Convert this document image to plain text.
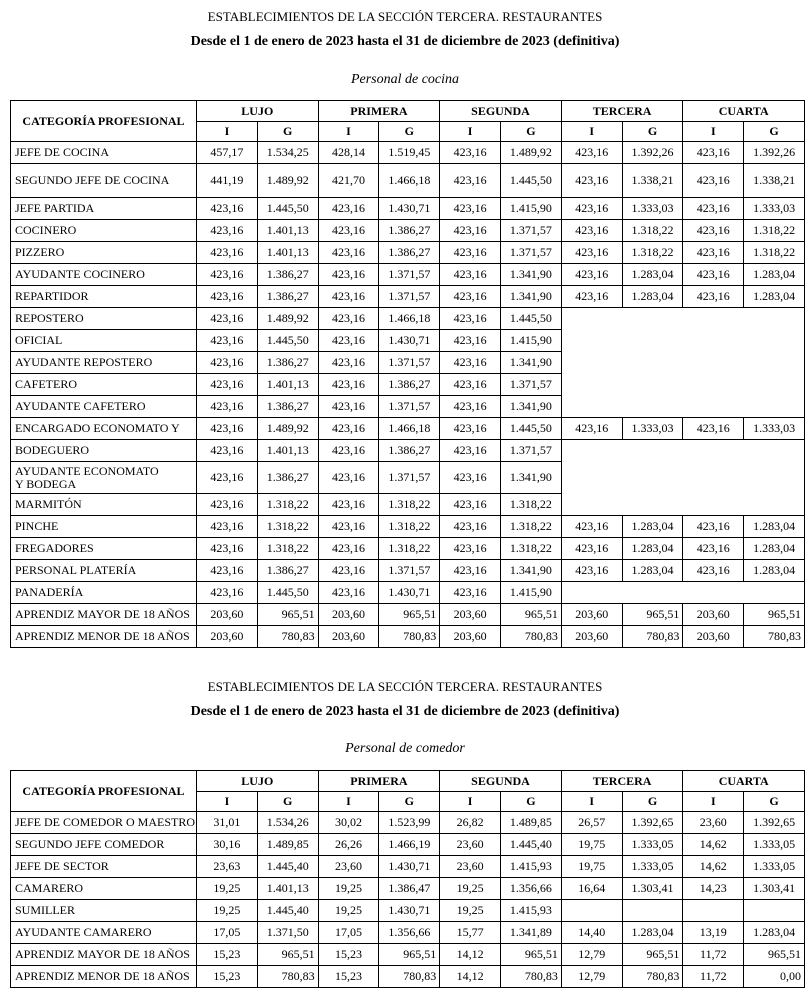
ESTABLECIMIENTOS DE LA SECCIÓN TERCERA. RESTAURANTES
Desde el 1 de enero de 2023 hasta el 31 de diciembre de 2023 (definitiva)
Personal de cocina
CATEGORÍA PROFESIONAL	LUJO		PRIMERA		SEGUNDA		TERCERA		CUARTA	
	I	G	I	G	I	G	I	G	I	G
JEFE DE COCINA	457,17	1.534,25	428,14	1.519,45	423,16	1.489,92	423,16	1.392,26	423,16	1.392,26
SEGUNDO JEFE DE COCINA	441,19	1.489,92	421,70	1.466,18	423,16	1.445,50	423,16	1.338,21	423,16	1.338,21
JEFE PARTIDA	423,16	1.445,50	423,16	1.430,71	423,16	1.415,90	423,16	1.333,03	423,16	1.333,03
COCINERO	423,16	1.401,13	423,16	1.386,27	423,16	1.371,57	423,16	1.318,22	423,16	1.318,22
PIZZERO	423,16	1.401,13	423,16	1.386,27	423,16	1.371,57	423,16	1.318,22	423,16	1.318,22
AYUDANTE COCINERO	423,16	1.386,27	423,16	1.371,57	423,16	1.341,90	423,16	1.283,04	423,16	1.283,04
REPARTIDOR	423,16	1.386,27	423,16	1.371,57	423,16	1.341,90	423,16	1.283,04	423,16	1.283,04
REPOSTERO	423,16	1.489,92	423,16	1.466,18	423,16	1.445,50				
OFICIAL	423,16	1.445,50	423,16	1.430,71	423,16	1.415,90				
AYUDANTE REPOSTERO	423,16	1.386,27	423,16	1.371,57	423,16	1.341,90				
CAFETERO	423,16	1.401,13	423,16	1.386,27	423,16	1.371,57				
AYUDANTE CAFETERO	423,16	1.386,27	423,16	1.371,57	423,16	1.341,90				
ENCARGADO ECONOMATO Y	423,16	1.489,92	423,16	1.466,18	423,16	1.445,50	423,16	1.333,03	423,16	1.333,03
BODEGUERO	423,16	1.401,13	423,16	1.386,27	423,16	1.371,57				

AYUDANTE ECONOMATO
Y BODEGA	423,16	1.386,27	423,16	1.371,57	423,16	1.341,90				
MARMITÓN	423,16	1.318,22	423,16	1.318,22	423,16	1.318,22				
PINCHE	423,16	1.318,22	423,16	1.318,22	423,16	1.318,22	423,16	1.283,04	423,16	1.283,04
FREGADORES	423,16	1.318,22	423,16	1.318,22	423,16	1.318,22	423,16	1.283,04	423,16	1.283,04
PERSONAL PLATERÍA	423,16	1.386,27	423,16	1.371,57	423,16	1.341,90	423,16	1.283,04	423,16	1.283,04
PANADERÍA	423,16	1.445,50	423,16	1.430,71	423,16	1.415,90				
APRENDIZ MAYOR DE 18 AÑOS	203,60	965,51	203,60	965,51	203,60	965,51	203,60	965,51	203,60	965,51
APRENDIZ MENOR DE 18 AÑOS	203,60	780,83	203,60	780,83	203,60	780,83	203,60	780,83	203,60	780,83
ESTABLECIMIENTOS DE LA SECCIÓN TERCERA. RESTAURANTES
Desde el 1 de enero de 2023 hasta el 31 de diciembre de 2023 (definitiva)
Personal de comedor
CATEGORÍA PROFESIONAL	LUJO		PRIMERA		SEGUNDA		TERCERA		CUARTA	
	I	G	I	G	I	G	I	G	I	G
JEFE DE COMEDOR O MAESTRO	31,01	1.534,26	30,02	1.523,99	26,82	1.489,85	26,57	1.392,65	23,60	1.392,65
SEGUNDO JEFE COMEDOR	30,16	1.489,85	26,26	1.466,19	23,60	1.445,40	19,75	1.333,05	14,62	1.333,05
JEFE DE SECTOR	23,63	1.445,40	23,60	1.430,71	23,60	1.415,93	19,75	1.333,05	14,62	1.333,05
CAMARERO	19,25	1.401,13	19,25	1.386,47	19,25	1.356,66	16,64	1.303,41	14,23	1.303,41
SUMILLER	19,25	1.445,40	19,25	1.430,71	19,25	1.415,93				
AYUDANTE CAMARERO	17,05	1.371,50	17,05	1.356,66	15,77	1.341,89	14,40	1.283,04	13,19	1.283,04
APRENDIZ MAYOR DE 18 AÑOS	15,23	965,51	15,23	965,51	14,12	965,51	12,79	965,51	11,72	965,51
APRENDIZ MENOR DE 18 AÑOS	15,23	780,83	15,23	780,83	14,12	780,83	12,79	780,83	11,72	0,00
